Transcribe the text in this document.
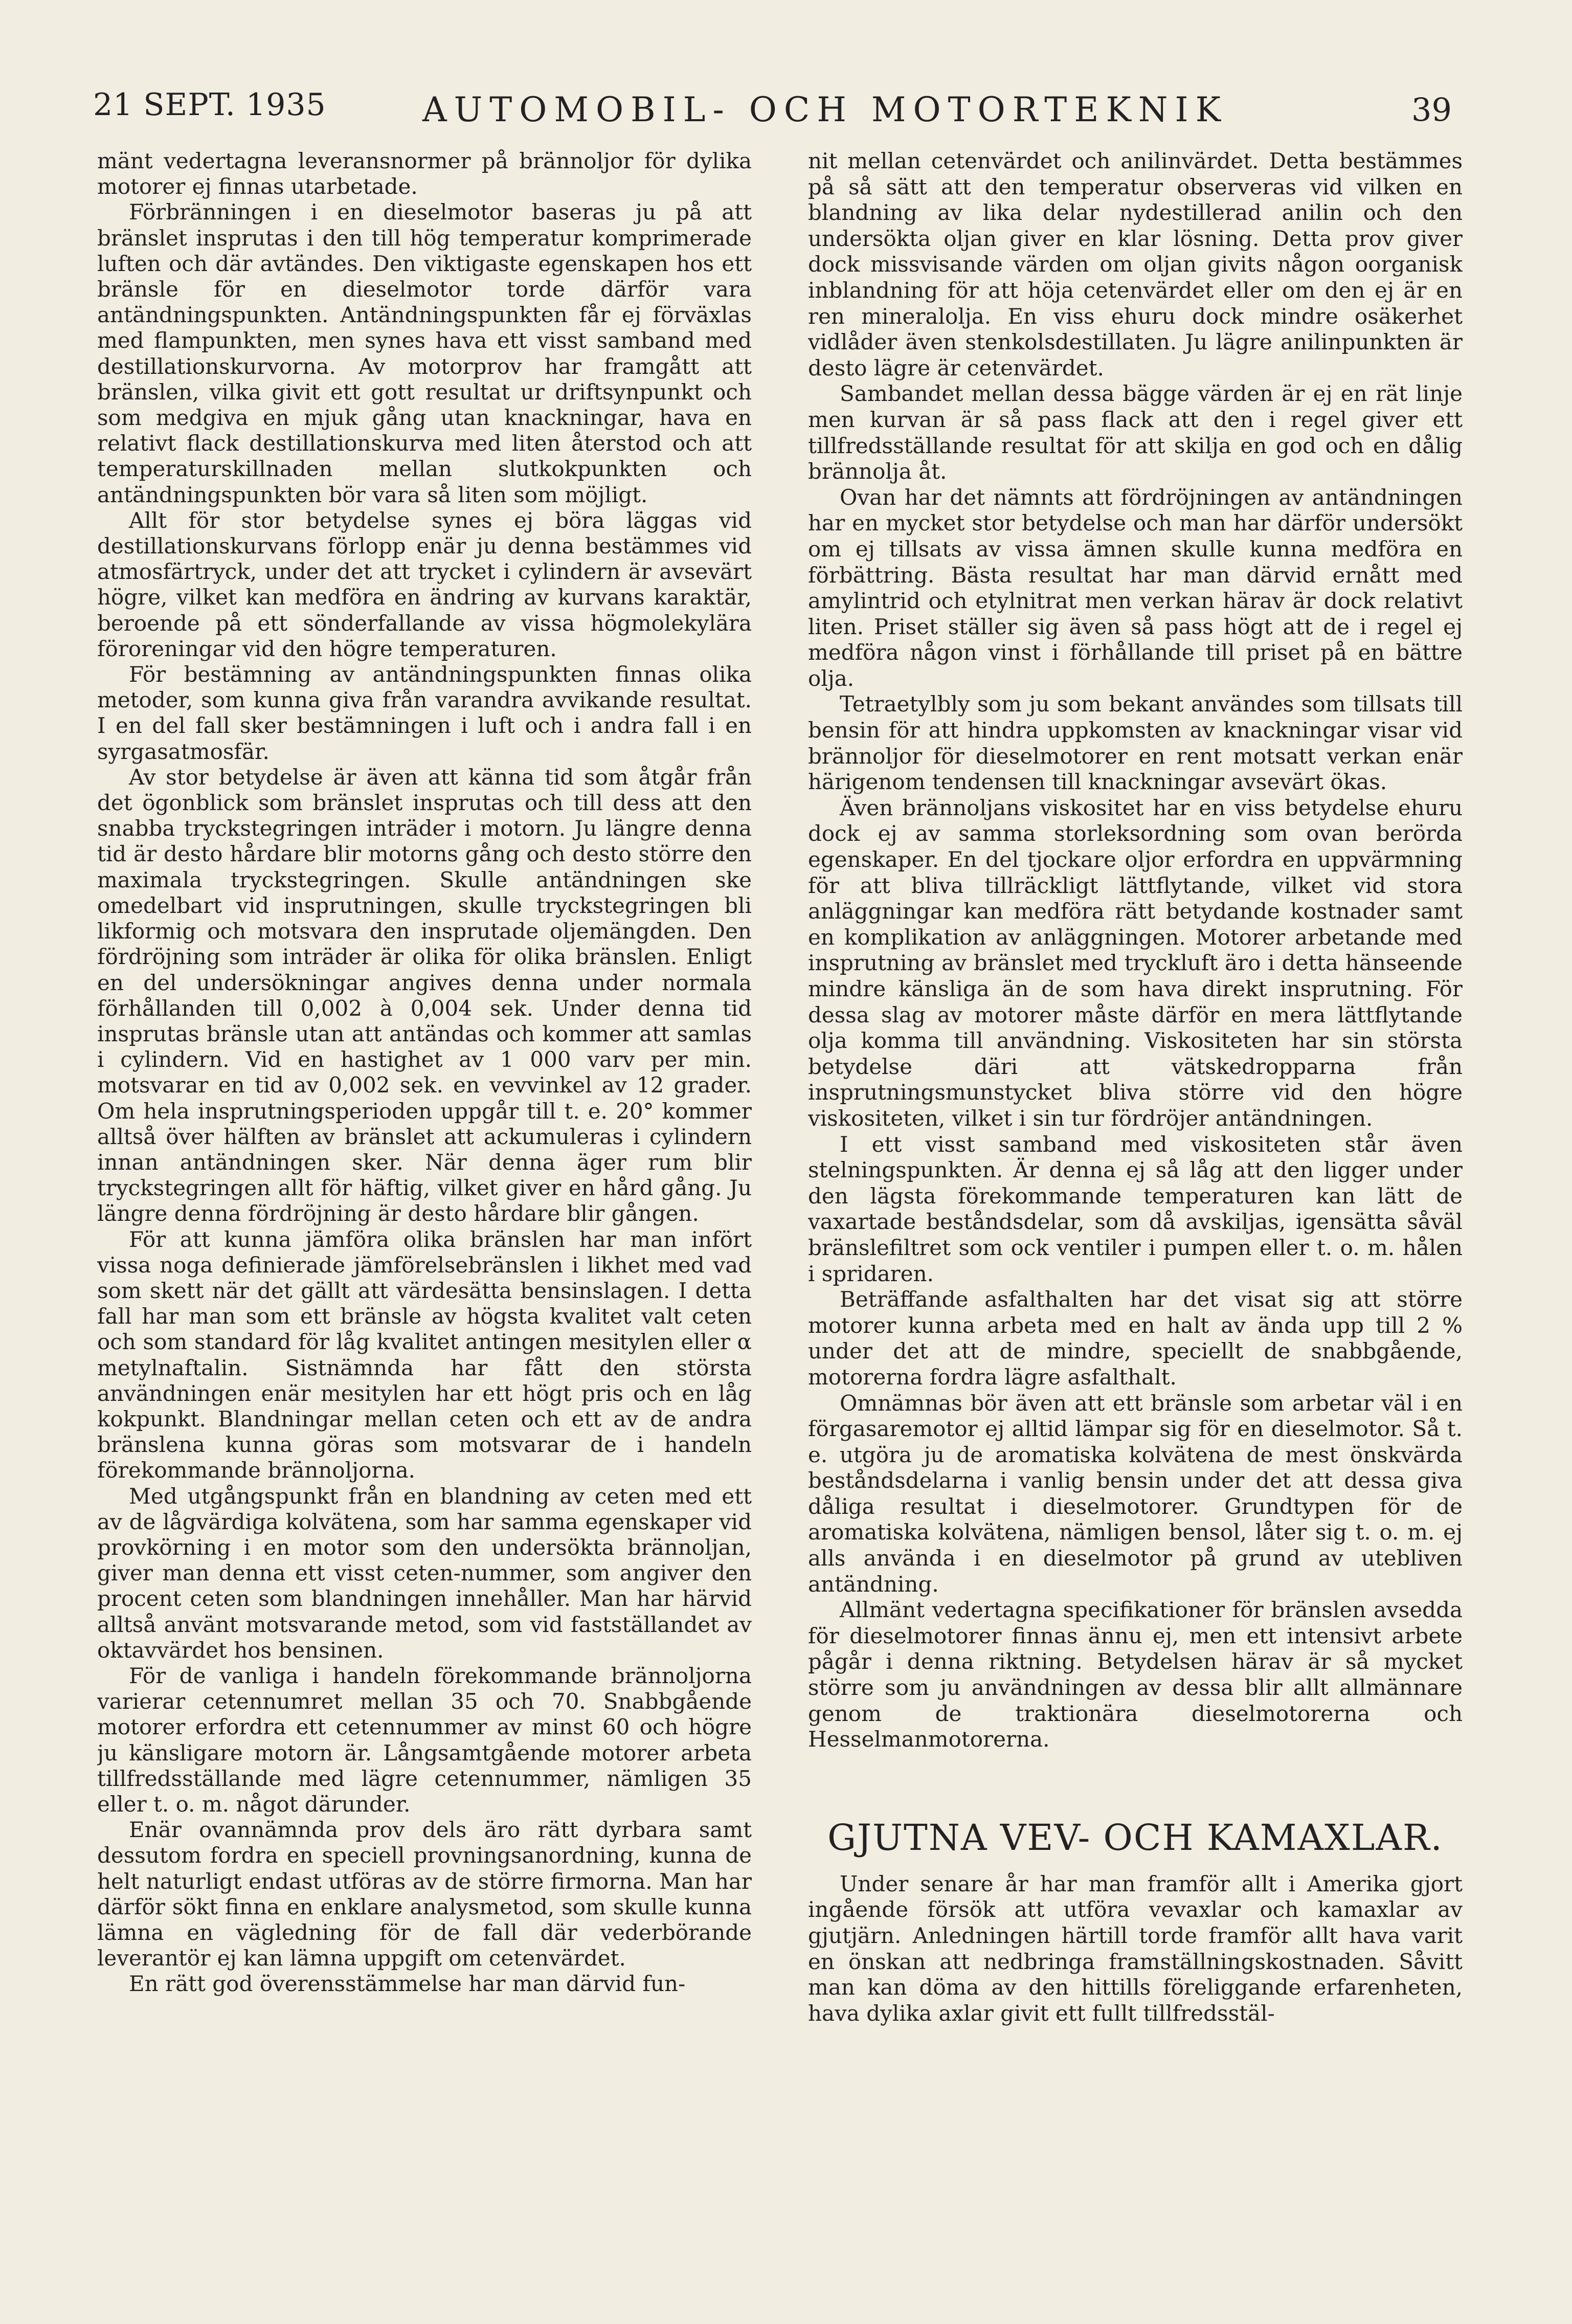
21 SEPT. 1935	AUTOMOBIL- OCH MOTORTEKNIK	39

mänt vedertagna leveransnormer på brännoljor för dylika motorer ej finnas utarbetade.

Förbränningen i en dieselmotor baseras ju på att bränslet insprutas i den till hög temperatur komprimerade luften och där avtändes. Den viktigaste egenskapen hos ett bränsle för en dieselmotor torde därför vara antändningspunkten. Antändningspunkten får ej förväxlas med flampunkten, men synes hava ett visst samband med destillationskurvorna. Av motorprov har framgått att bränslen, vilka givit ett gott resultat ur driftsynpunkt och som medgiva en mjuk gång utan knackningar, hava en relativt flack destillationskurva med liten återstod och att temperaturskillnaden mellan slutkokpunkten och antändningspunkten bör vara så liten som möjligt.

Allt för stor betydelse synes ej böra läggas vid destillationskurvans förlopp enär ju denna bestämmes vid atmosfärtryck, under det att trycket i cylindern är avsevärt högre, vilket kan medföra en ändring av kurvans karaktär, beroende på ett sönderfallande av vissa högmolekylära föroreningar vid den högre temperaturen.

För bestämning av antändningspunkten finnas olika metoder, som kunna giva från varandra avvikande resultat. I en del fall sker bestämningen i luft och i andra fall i en syrgasatmosfär.

Av stor betydelse är även att känna tid som åtgår från det ögonblick som bränslet insprutas och till dess att den snabba tryckstegringen inträder i motorn. Ju längre denna tid är desto hårdare blir motorns gång och desto större den maximala tryckstegringen. Skulle antändningen ske omedelbart vid insprutningen, skulle tryckstegringen bli likformig och motsvara den insprutade oljemängden. Den fördröjning som inträder är olika för olika bränslen. Enligt en del undersökningar angives denna under normala förhållanden till 0,002 à 0,004 sek. Under denna tid insprutas bränsle utan att antändas och kommer att samlas i cylindern. Vid en hastighet av 1 000 varv per min. motsvarar en tid av 0,002 sek. en vevvinkel av 12 grader. Om hela insprutningsperioden uppgår till t. e. 20° kommer alltså över hälften av bränslet att ackumuleras i cylindern innan antändningen sker. När denna äger rum blir tryckstegringen allt för häftig, vilket giver en hård gång. Ju längre denna fördröjning är desto hårdare blir gången.

För att kunna jämföra olika bränslen har man infört vissa noga definierade jämförelsebränslen i likhet med vad som skett när det gällt att värdesätta bensinslagen. I detta fall har man som ett bränsle av högsta kvalitet valt ceten och som standard för låg kvalitet antingen mesitylen eller α metylnaftalin. Sistnämnda har fått den största användningen enär mesitylen har ett högt pris och en låg kokpunkt. Blandningar mellan ceten och ett av de andra bränslena kunna göras som motsvarar de i handeln förekommande brännoljorna.

Med utgångspunkt från en blandning av ceten med ett av de lågvärdiga kolvätena, som har samma egenskaper vid provkörning i en motor som den undersökta brännoljan, giver man denna ett visst ceten-nummer, som angiver den procent ceten som blandningen innehåller. Man har härvid alltså använt motsvarande metod, som vid fastställandet av oktavvärdet hos bensinen.

För de vanliga i handeln förekommande brännoljorna varierar cetennumret mellan 35 och 70. Snabbgående motorer erfordra ett cetennummer av minst 60 och högre ju känsligare motorn är. Långsamtgående motorer arbeta tillfredsställande med lägre cetennummer, nämligen 35 eller t. o. m. något därunder.

Enär ovannämnda prov dels äro rätt dyrbara samt dessutom fordra en speciell provningsanordning, kunna de helt naturligt endast utföras av de större firmorna. Man har därför sökt finna en enklare analysmetod, som skulle kunna lämna en vägledning för de fall där vederbörande leverantör ej kan lämna uppgift om cetenvärdet.

En rätt god överensstämmelse har man därvid fun-

nit mellan cetenvärdet och anilinvärdet. Detta bestämmes på så sätt att den temperatur observeras vid vilken en blandning av lika delar nydestillerad anilin och den undersökta oljan giver en klar lösning. Detta prov giver dock missvisande värden om oljan givits någon oorganisk inblandning för att höja cetenvärdet eller om den ej är en ren mineralolja. En viss ehuru dock mindre osäkerhet vidlåder även stenkolsdestillaten. Ju lägre anilinpunkten är desto lägre är cetenvärdet.

Sambandet mellan dessa bägge värden är ej en rät linje men kurvan är så pass flack att den i regel giver ett tillfredsställande resultat för att skilja en god och en dålig brännolja åt.

Ovan har det nämnts att fördröjningen av antändningen har en mycket stor betydelse och man har därför undersökt om ej tillsats av vissa ämnen skulle kunna medföra en förbättring. Bästa resultat har man därvid ernått med amylintrid och etylnitrat men verkan härav är dock relativt liten. Priset ställer sig även så pass högt att de i regel ej medföra någon vinst i förhållande till priset på en bättre olja.

Tetraetylbly som ju som bekant användes som tillsats till bensin för att hindra uppkomsten av knackningar visar vid brännoljor för dieselmotorer en rent motsatt verkan enär härigenom tendensen till knackningar avsevärt ökas.

Även brännoljans viskositet har en viss betydelse ehuru dock ej av samma storleksordning som ovan berörda egenskaper. En del tjockare oljor erfordra en uppvärmning för att bliva tillräckligt lättflytande, vilket vid stora anläggningar kan medföra rätt betydande kostnader samt en komplikation av anläggningen. Motorer arbetande med insprutning av bränslet med tryckluft äro i detta hänseende mindre känsliga än de som hava direkt insprutning. För dessa slag av motorer måste därför en mera lättflytande olja komma till användning. Viskositeten har sin största betydelse däri att vätskedropparna från insprutningsmunstycket bliva större vid den högre viskositeten, vilket i sin tur fördröjer antändningen.

I ett visst samband med viskositeten står även stelningspunkten. Är denna ej så låg att den ligger under den lägsta förekommande temperaturen kan lätt de vaxartade beståndsdelar, som då avskiljas, igensätta såväl bränslefiltret som ock ventiler i pumpen eller t. o. m. hålen i spridaren.

Beträffande asfalthalten har det visat sig att större motorer kunna arbeta med en halt av ända upp till 2 % under det att de mindre, speciellt de snabbgående, motorerna fordra lägre asfalthalt.

Omnämnas bör även att ett bränsle som arbetar väl i en förgasaremotor ej alltid lämpar sig för en dieselmotor. Så t. e. utgöra ju de aromatiska kolvätena de mest önskvärda beståndsdelarna i vanlig bensin under det att dessa giva dåliga resultat i dieselmotorer. Grundtypen för de aromatiska kolvätena, nämligen bensol, låter sig t. o. m. ej alls använda i en dieselmotor på grund av utebliven antändning.

Allmänt vedertagna specifikationer för bränslen avsedda för dieselmotorer finnas ännu ej, men ett intensivt arbete pågår i denna riktning. Betydelsen härav är så mycket större som ju användningen av dessa blir allt allmännare genom de traktionära dieselmotorerna och Hesselmanmotorerna.

GJUTNA VEV- OCH KAMAXLAR.

Under senare år har man framför allt i Amerika gjort ingående försök att utföra vevaxlar och kamaxlar av gjutjärn. Anledningen härtill torde framför allt hava varit en önskan att nedbringa framställningskostnaden. Såvitt man kan döma av den hittills föreliggande erfarenheten, hava dylika axlar givit ett fullt tillfredsstäl-
